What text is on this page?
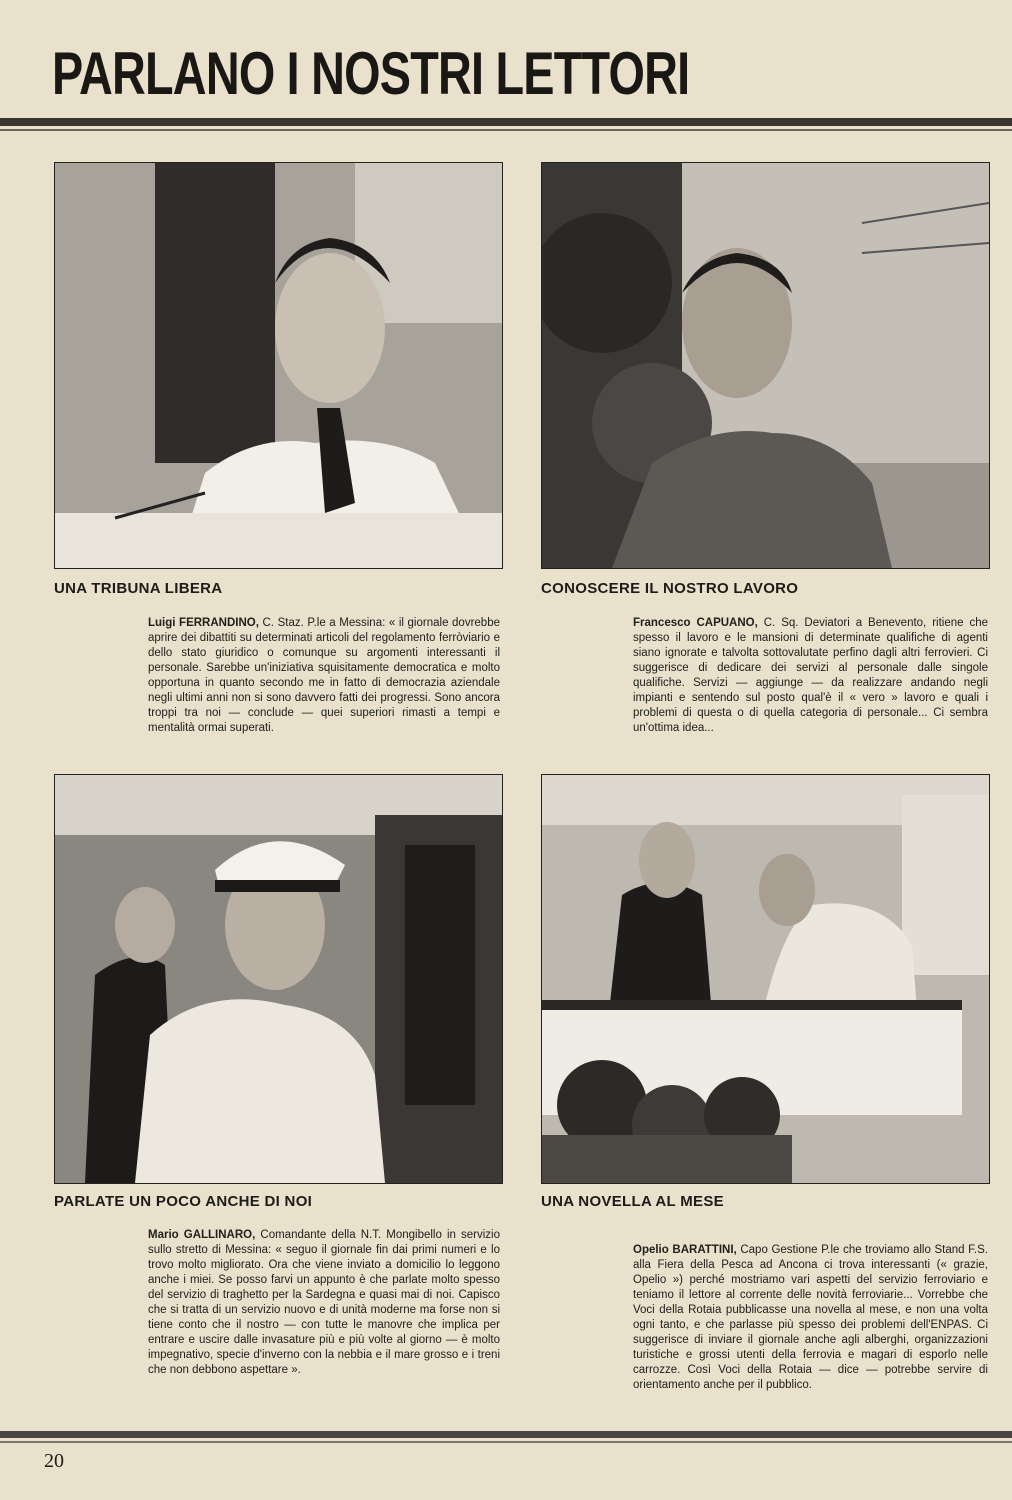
PARLANO I NOSTRI LETTORI
UNA TRIBUNA LIBERA
Luigi FERRANDINO, C. Staz. P.le a Messina: « il giornale dovrebbe aprire dei dibattiti su determinati articoli del regolamento ferròviario e dello stato giuridico o comunque su argomenti interessanti il personale. Sarebbe un'iniziativa squisitamente democratica e molto opportuna in quanto secondo me in fatto di democrazia aziendale negli ultimi anni non si sono davvero fatti dei progressi. Sono ancora troppi tra noi — conclude — quei superiori rimasti a tempi e mentalità ormai superati.
CONOSCERE IL NOSTRO LAVORO
Francesco CAPUANO, C. Sq. Deviatori a Benevento, ritiene che spesso il lavoro e le mansioni di determinate qualifiche di agenti siano ignorate e talvolta sottovalutate perfino dagli altri ferrovieri. Ci suggerisce di dedicare dei servizi al personale dalle singole qualifiche. Servizi — aggiunge — da realizzare andando negli impianti e sentendo sul posto qual'è il « vero » lavoro e quali i problemi di questa o di quella categoria di personale... Ci sembra un'ottima idea...
PARLATE UN POCO ANCHE DI NOI
Mario GALLINARO, Comandante della N.T. Mongibello in servizio sullo stretto di Messina: « seguo il giornale fin dai primi numeri e lo trovo molto migliorato. Ora che viene inviato a domicilio lo leggono anche i miei. Se posso farvi un appunto è che parlate molto spesso del servizio di traghetto per la Sardegna e quasi mai di noi. Capisco che si tratta di un servizio nuovo e di unità moderne ma forse non si tiene conto che il nostro — con tutte le manovre che implica per entrare e uscire dalle invasature più e più volte al giorno — è molto impegnativo, specie d'inverno con la nebbia e il mare grosso e i treni che non debbono aspettare ».
UNA NOVELLA AL MESE
Opelio BARATTINI, Capo Gestione P.le che troviamo allo Stand F.S. alla Fiera della Pesca ad Ancona ci trova interessanti (« grazie, Opelio ») perché mostriamo vari aspetti del servizio ferroviario e teniamo il lettore al corrente delle novità ferroviarie... Vorrebbe che Voci della Rotaia pubblicasse una novella al mese, e non una volta ogni tanto, e che parlasse più spesso dei problemi dell'ENPAS. Ci suggerisce di inviare il giornale anche agli alberghi, organizzazioni turistiche e grossi utenti della ferrovia e magari di esporlo nelle carrozze. Così Voci della Rotaia — dice — potrebbe servire di orientamento anche per il pubblico.
20
